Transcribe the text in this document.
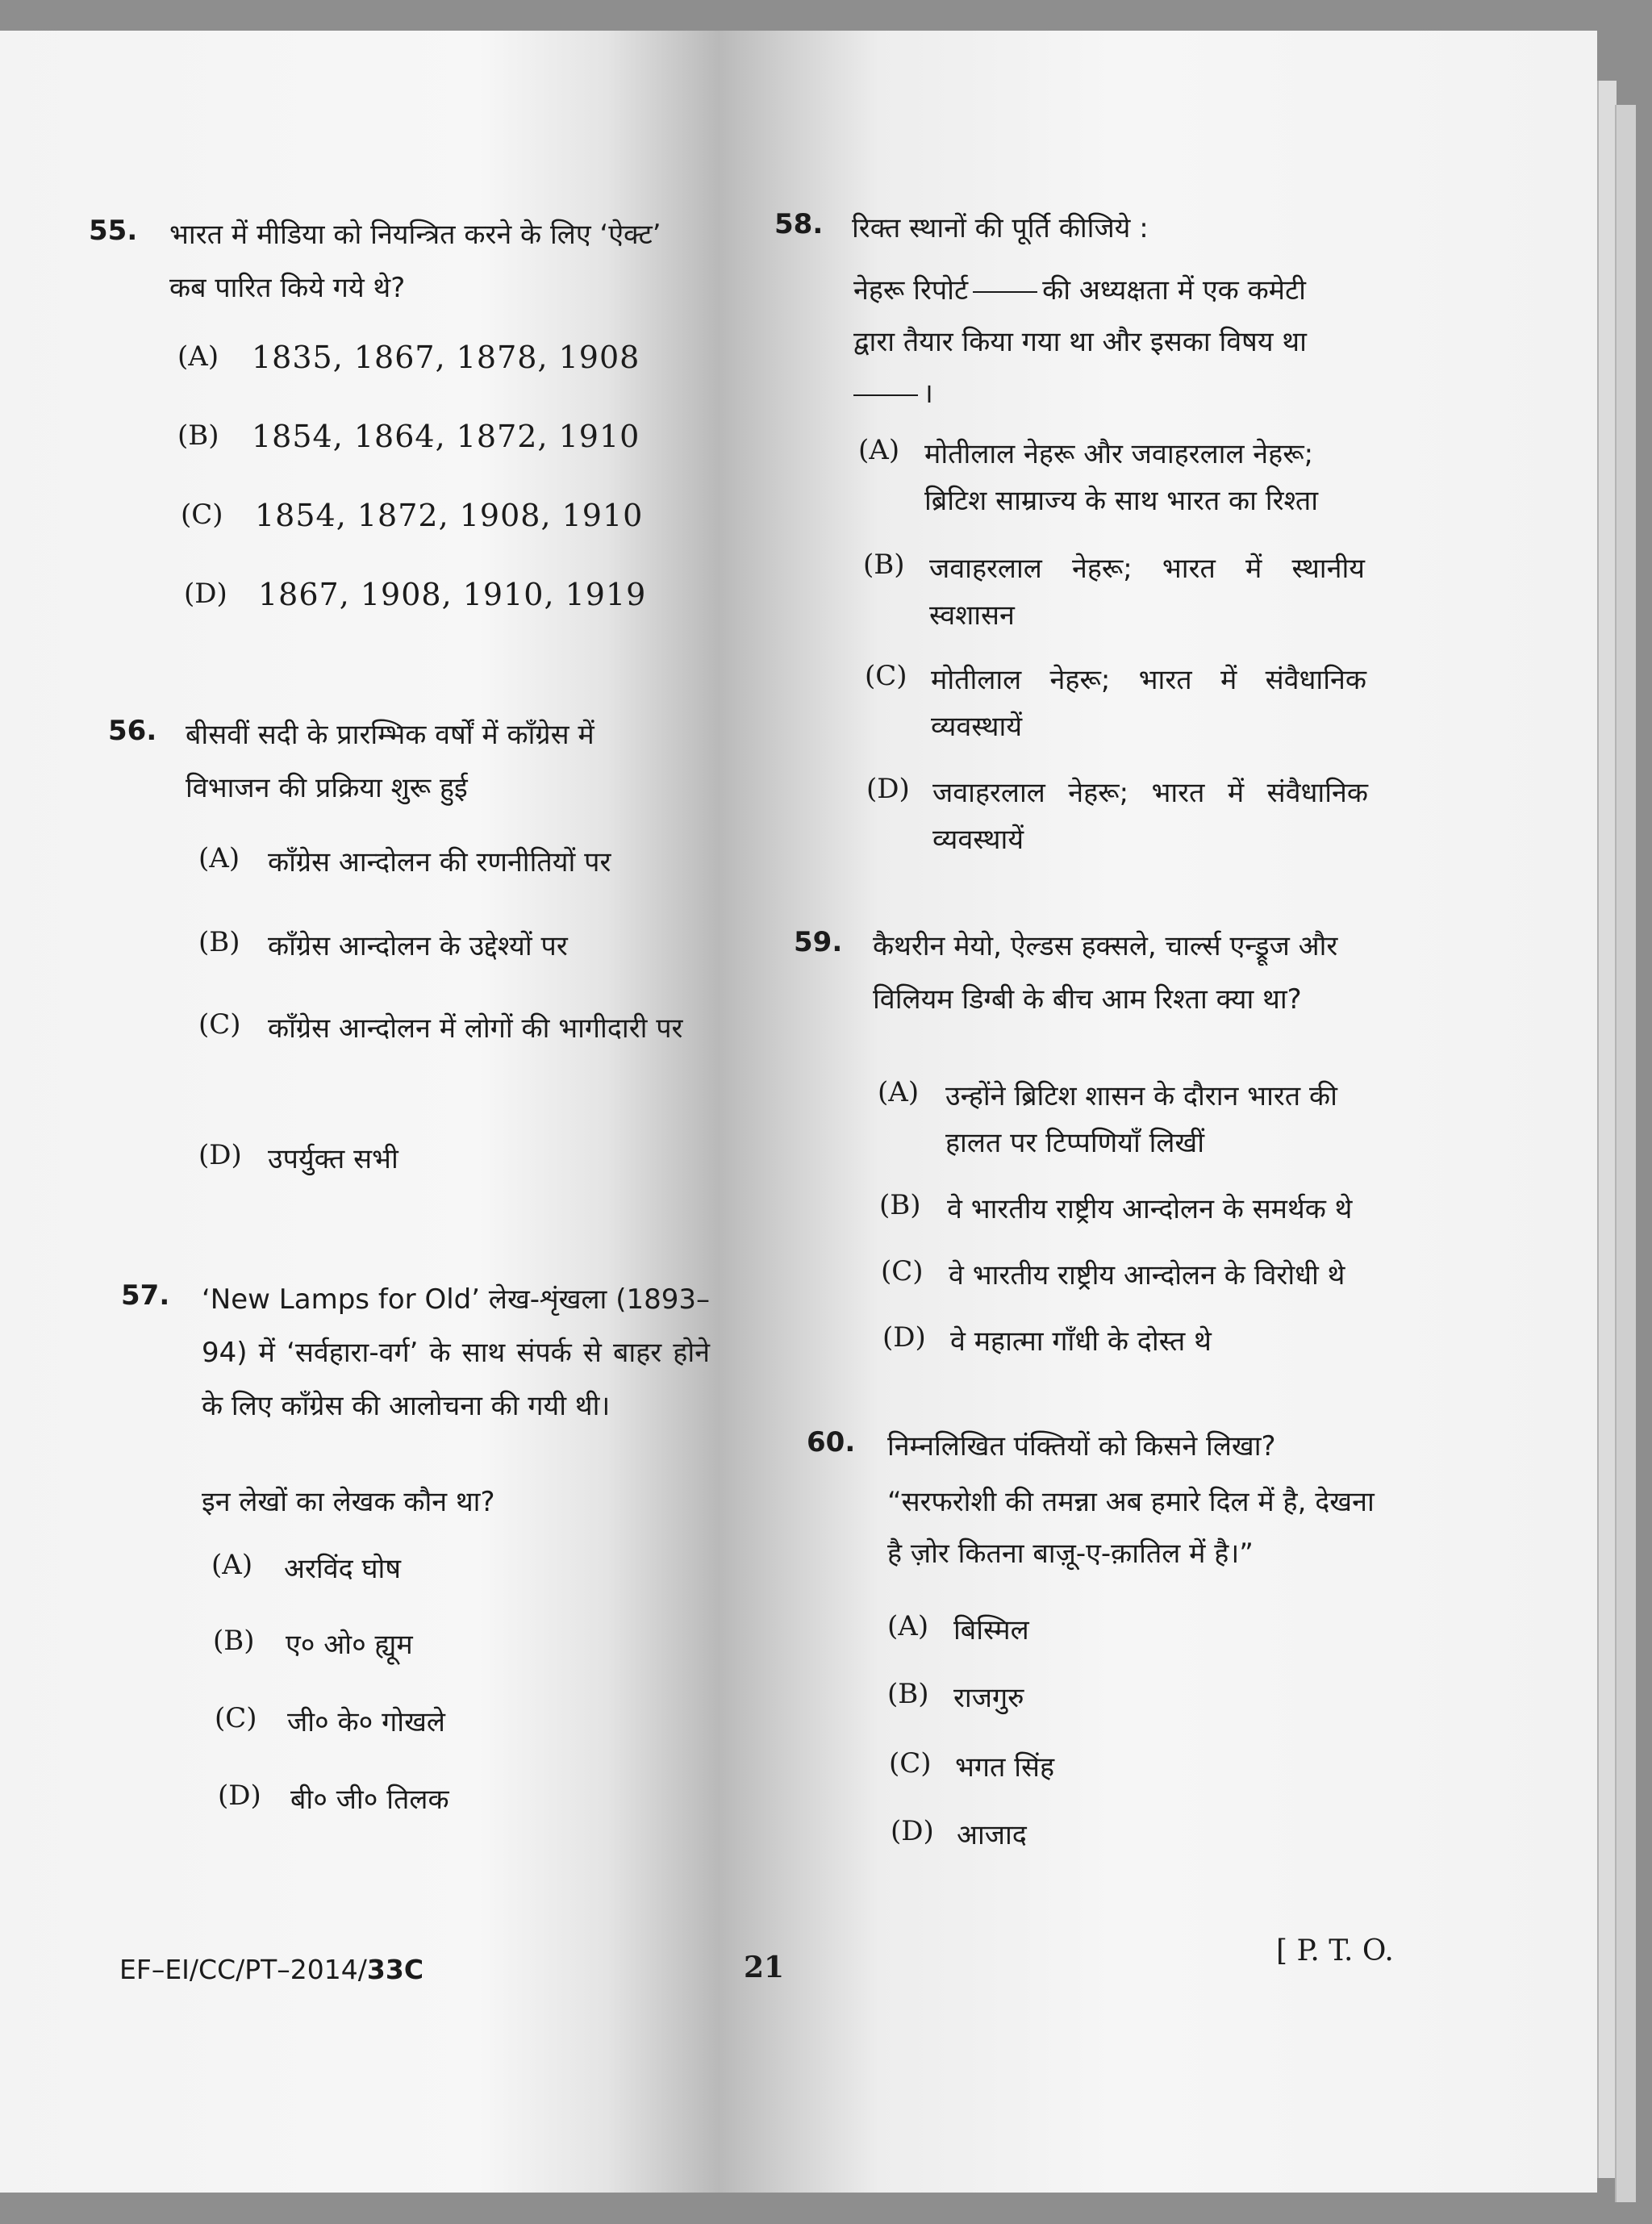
55.	भारत में मीडिया को नियन्त्रित करने के लिए ‘ऐक्ट’ कब पारित किये गये थे?
(A)	1835, 1867, 1878, 1908
(B)	1854, 1864, 1872, 1910
(C)	1854, 1872, 1908, 1910
(D)	1867, 1908, 1910, 1919
56.	बीसवीं सदी के प्रारम्भिक वर्षों में काँग्रेस में विभाजन की प्रक्रिया शुरू हुई
(A)	काँग्रेस आन्दोलन की रणनीतियों पर
(B)	काँग्रेस आन्दोलन के उद्देश्यों पर
(C) काँग्रेस आन्दोलन में लोगों की भागीदारी पर
(D) उपर्युक्त सभी
57.	‘New Lamps for Old’ लेख-शृंखला (1893–94) में ‘सर्वहारा-वर्ग’ के साथ संपर्क से बाहर होने के लिए काँग्रेस की आलोचना की गयी थी।
इन लेखों का लेखक कौन था?
(A)	अरविंद घोष
(B)	ए० ओ० ह्यूम
(C)	जी० के० गोखले
(D)	बी० जी० तिलक
58.	रिक्त स्थानों की पूर्ति कीजिये :
नेहरू रिपोर्ट	की अध्यक्षता में एक कमेटी द्वारा तैयार किया गया था और इसका विषय था
।
(A) मोतीलाल नेहरू और जवाहरलाल नेहरू; ब्रिटिश साम्राज्य के साथ भारत का रिश्ता
(B) जवाहरलाल नेहरू; भारत में स्थानीय स्वशासन
(C) मोतीलाल नेहरू; भारत में संवैधानिक व्यवस्थायें
(D) जवाहरलाल नेहरू; भारत में संवैधानिक व्यवस्थायें
59.	कैथरीन मेयो, ऐल्डस हक्सले, चार्ल्स एन्ड्रूज और विलियम डिग्बी के बीच आम रिश्ता क्या था?
(A) उन्होंने ब्रिटिश शासन के दौरान भारत की हालत पर टिप्पणियाँ लिखीं
(B) वे भारतीय राष्ट्रीय आन्दोलन के समर्थक थे
(C) वे भारतीय राष्ट्रीय आन्दोलन के विरोधी थे
(D) वे महात्मा गाँधी के दोस्त थे
60.	निम्नलिखित पंक्तियों को किसने लिखा?
“सरफरोशी की तमन्ना अब हमारे दिल में है, देखना है ज़ोर कितना बाज़ू-ए-क़ातिल में है।”
(A) बिस्मिल
(B) राजगुरु
(C) भगत सिंह
(D) आजाद
EF–EI/CC/PT–2014/33C	21	[ P. T. O.
